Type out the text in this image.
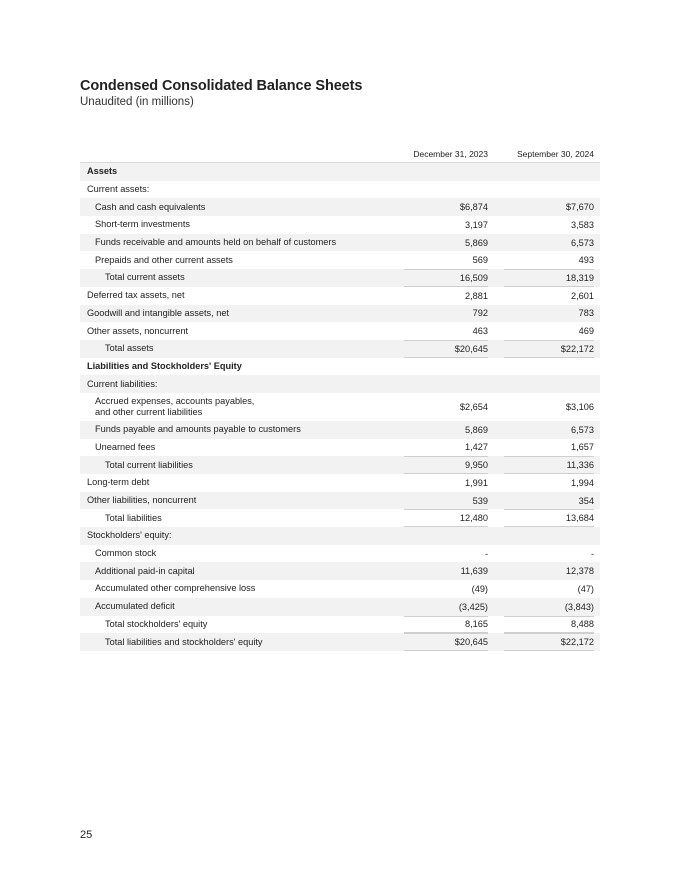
Condensed Consolidated Balance Sheets
Unaudited (in millions)
December 31, 2023	September 30, 2024
Assets
Current assets:
Cash and cash equivalents	$6,874	$7,670
Short-term investments	3,197	3,583
Funds receivable and amounts held on behalf of customers	5,869	6,573
Prepaids and other current assets	569	493
Total current assets	16,509	18,319
Deferred tax assets, net	2,881	2,601
Goodwill and intangible assets, net	792	783
Other assets, noncurrent	463	469
Total assets	$20,645	$22,172
Liabilities and Stockholders' Equity
Current liabilities:
Accrued expenses, accounts payables,
and other current liabilities	$2,654	$3,106
Funds payable and amounts payable to customers	5,869	6,573
Unearned fees	1,427	1,657
Total current liabilities	9,950	11,336
Long-term debt	1,991	1,994
Other liabilities, noncurrent	539	354
Total liabilities	12,480	13,684
Stockholders' equity:
Common stock	-	-
Additional paid-in capital	11,639	12,378
Accumulated other comprehensive loss	(49)	(47)
Accumulated deficit	(3,425)	(3,843)
Total stockholders' equity	8,165	8,488
Total liabilities and stockholders' equity	$20,645	$22,172
25
